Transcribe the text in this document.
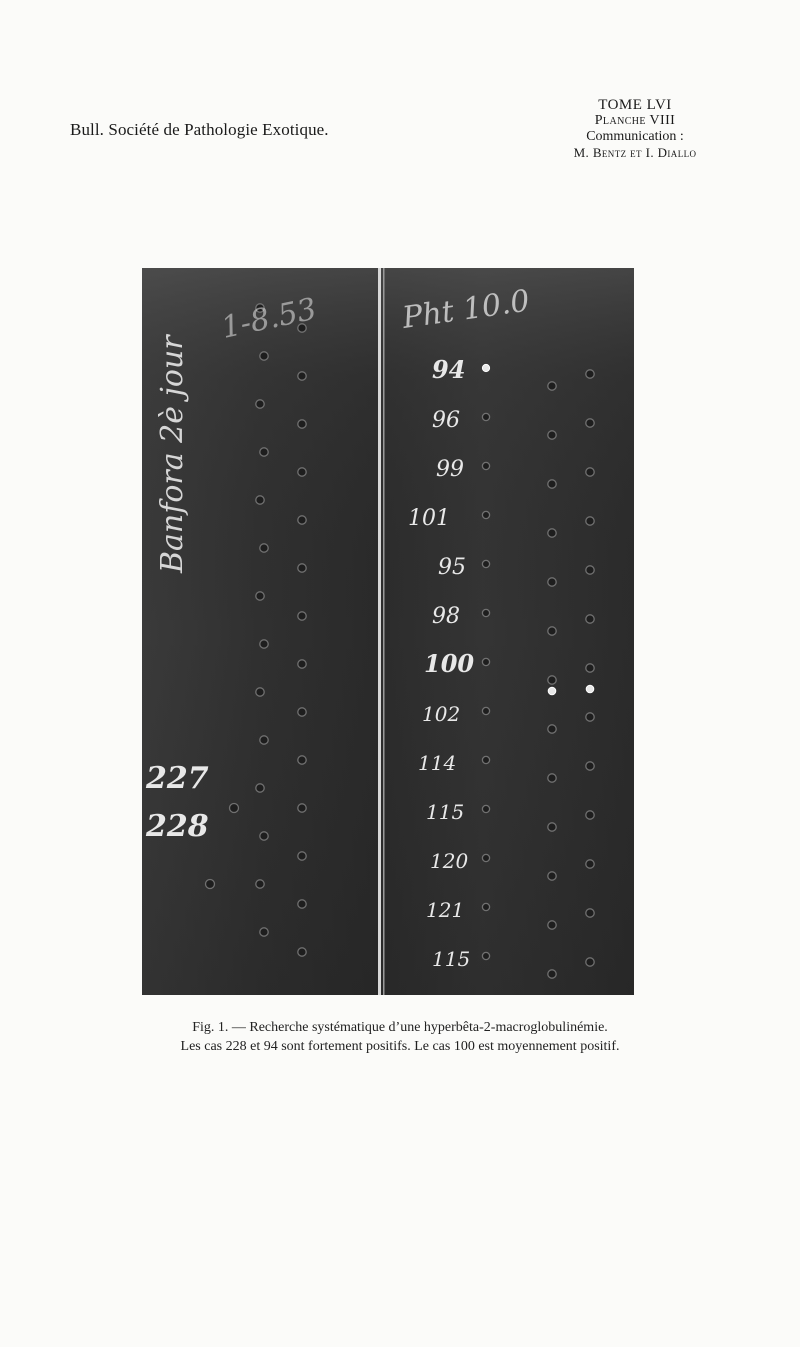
Bull. Société de Pathologie Exotique.
TOME LVI
Planche VIII
Communication :
M. Bentz et I. Diallo
Banfora 2è jour
1-8.53
227
228
Pht 10.0
94
96
99
101
95
98
100
102
114
115
120
121
115
Fig. 1. — Recherche systématique d’une hyperbêta-2-macroglobulinémie.
Les cas 228 et 94 sont fortement positifs. Le cas 100 est moyennement positif.
